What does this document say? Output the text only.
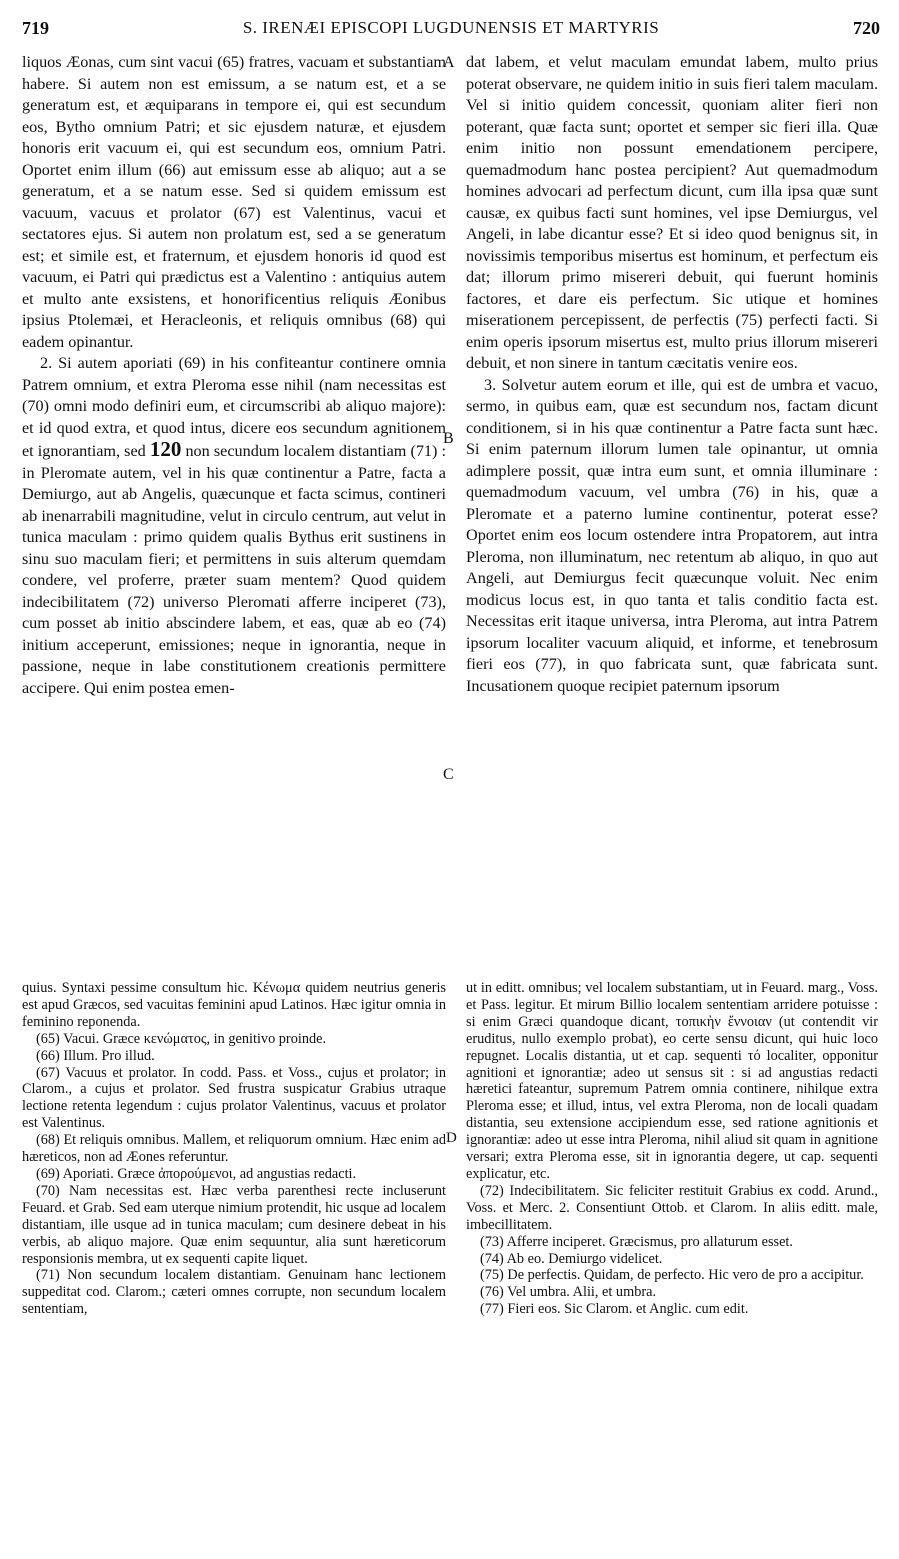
719	S. IRENÆI EPISCOPI LUGDUNENSIS ET MARTYRIS	720

liquos Æonas, cum sint vacui (65) fratres, vacuam et substantiam habere. Si autem non est emissum, a se natum est, et a se generatum est, et æquiparans in tempore ei, qui est secundum eos, Bytho omnium Patri; et sic ejusdem naturæ, et ejusdem honoris erit vacuum ei, qui est secundum eos, omnium Patri. Oportet enim illum (66) aut emissum esse ab aliquo; aut a se generatum, et a se natum esse. Sed si quidem emissum est vacuum, vacuus et prolator (67) est Valentinus, vacui et sectatores ejus. Si autem non prolatum est, sed a se generatum est; et simile est, et fraternum, et ejusdem honoris id quod est vacuum, ei Patri qui prædictus est a Valentino : antiquius autem et multo ante exsistens, et honorificentius reliquis Æonibus ipsius Ptolemæi, et Heracleonis, et reliquis omnibus (68) qui eadem opinantur.

2. Si autem aporiati (69) in his confiteantur continere omnia Patrem omnium, et extra Pleroma esse nihil (nam necessitas est (70) omni modo definiri eum, et circumscribi ab aliquo majore): et id quod extra, et quod intus, dicere eos secundum agnitionem et ignorantiam, sed 120 non secundum localem distantiam (71) : in Pleromate autem, vel in his quæ continentur a Patre, facta a Demiurgo, aut ab Angelis, quæcunque et facta scimus, contineri ab inenarrabili magnitudine, velut in circulo centrum, aut velut in tunica maculam : primo quidem qualis Bythus erit sustinens in sinu suo maculam fieri; et permittens in suis alterum quemdam condere, vel proferre, præter suam mentem? Quod quidem indecibilitatem (72) universo Pleromati afferre inciperet (73), cum posset ab initio abscindere labem, et eas, quæ ab eo (74) initium acceperunt, emissiones; neque in ignorantia, neque in passione, neque in labe constitutionem creationis permittere accipere. Qui enim postea emen-

A
B
C

dat labem, et velut maculam emundat labem, multo prius poterat observare, ne quidem initio in suis fieri talem maculam. Vel si initio quidem concessit, quoniam aliter fieri non poterant, quæ facta sunt; oportet et semper sic fieri illa. Quæ enim initio non possunt emendationem percipere, quemadmodum hanc postea percipient? Aut quemadmodum homines advocari ad perfectum dicunt, cum illa ipsa quæ sunt causæ, ex quibus facti sunt homines, vel ipse Demiurgus, vel Angeli, in labe dicantur esse? Et si ideo quod benignus sit, in novissimis temporibus misertus est hominum, et perfectum eis dat; illorum primo misereri debuit, qui fuerunt hominis factores, et dare eis perfectum. Sic utique et homines miserationem percepissent, de perfectis (75) perfecti facti. Si enim operis ipsorum misertus est, multo prius illorum misereri debuit, et non sinere in tantum cæcitatis venire eos.

3. Solvetur autem eorum et ille, qui est de umbra et vacuo, sermo, in quibus eam, quæ est secundum nos, factam dicunt conditionem, si in his quæ continentur a Patre facta sunt hæc. Si enim paternum illorum lumen tale opinantur, ut omnia adimplere possit, quæ intra eum sunt, et omnia illuminare : quemadmodum vacuum, vel umbra (76) in his, quæ a Pleromate et a paterno lumine continentur, poterat esse? Oportet enim eos locum ostendere intra Propatorem, aut intra Pleroma, non illuminatum, nec retentum ab aliquo, in quo aut Angeli, aut Demiurgus fecit quæcunque voluit. Nec enim modicus locus est, in quo tanta et talis conditio facta est. Necessitas erit itaque universa, intra Pleroma, aut intra Patrem ipsorum localiter vacuum aliquid, et informe, et tenebrosum fieri eos (77), in quo fabricata sunt, quæ fabricata sunt. Incusationem quoque recipiet paternum ipsorum

quius. Syntaxi pessime consultum hic. Κένωμα quidem neutrius generis est apud Græcos, sed vacuitas feminini apud Latinos. Hæc igitur omnia in feminino reponenda.

(65) Vacui. Græce κενώματος, in genitivo proinde.

(66) Illum. Pro illud.

(67) Vacuus et prolator. In codd. Pass. et Voss., cujus et prolator; in Clarom., a cujus et prolator. Sed frustra suspicatur Grabius utraque lectione retenta legendum : cujus prolator Valentinus, vacuus et prolator est Valentinus.

(68) Et reliquis omnibus. Mallem, et reliquorum omnium. Hæc enim ad hæreticos, non ad Æones referuntur.

(69) Aporiati. Græce ἀπορούμενοι, ad angustias redacti.

(70) Nam necessitas est. Hæc verba parenthesi recte incluserunt Feuard. et Grab. Sed eam uterque nimium protendit, hic usque ad localem distantiam, ille usque ad in tunica maculam; cum desinere debeat in his verbis, ab aliquo majore. Quæ enim sequuntur, alia sunt hæreticorum responsionis membra, ut ex sequenti capite liquet.

(71) Non secundum localem distantiam. Genuinam hanc lectionem suppeditat cod. Clarom.; cæteri omnes corrupte, non secundum localem sententiam,

D

ut in editt. omnibus; vel localem substantiam, ut in Feuard. marg., Voss. et Pass. legitur. Et mirum Billio localem sententiam arridere potuisse : si enim Græci quandoque dicant, τοπικὴν ἔννοιαν (ut contendit vir eruditus, nullo exemplo probat), eo certe sensu dicunt, qui huic loco repugnet. Localis distantia, ut et cap. sequenti τό localiter, opponitur agnitioni et ignorantiæ; adeo ut sensus sit : si ad angustias redacti hæretici fateantur, supremum Patrem omnia continere, nihilque extra Pleroma esse; et illud, intus, vel extra Pleroma, non de locali quadam distantia, seu extensione accipiendum esse, sed ratione agnitionis et ignorantiæ: adeo ut esse intra Pleroma, nihil aliud sit quam in agnitione versari; extra Pleroma esse, sit in ignorantia degere, ut cap. sequenti explicatur, etc.

(72) Indecibilitatem. Sic feliciter restituit Grabius ex codd. Arund., Voss. et Merc. 2. Consentiunt Ottob. et Clarom. In aliis editt. male, imbecillitatem.

(73) Afferre inciperet. Græcismus, pro allaturum esset.

(74) Ab eo. Demiurgo videlicet.

(75) De perfectis. Quidam, de perfecto. Hic vero de pro a accipitur.

(76) Vel umbra. Alii, et umbra.

(77) Fieri eos. Sic Clarom. et Anglic. cum edit.
